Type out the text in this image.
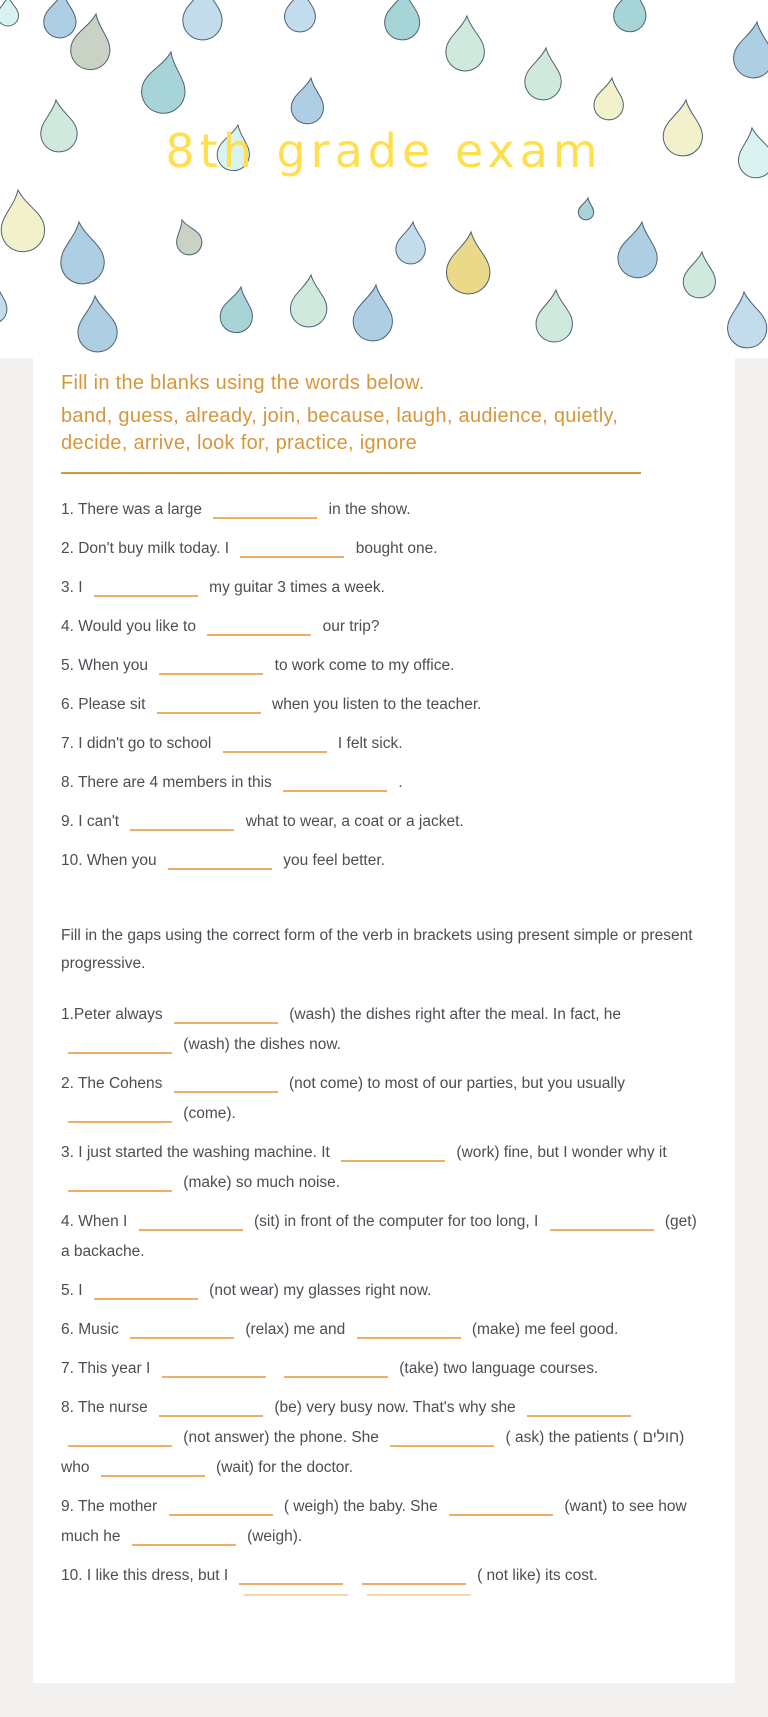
8th grade exam
Fill in the blanks using the words below.
band, guess, already, join, because, laugh, audience, quietly, decide, arrive, look for, practice, ignore

1. There was a large	in the show.

2. Don't buy milk today. I	bought one.

3. I	my guitar 3 times a week.

4. Would you like to	our trip?

5. When you	to work come to my office.

6. Please sit	when you listen to the teacher.

7. I didn't go to school	I felt sick.

8. There are 4 members in this	.

9. I can't	what to wear, a coat or a jacket.

10. When you	you feel better.

Fill in the gaps using the correct form of the verb in brackets using present simple or present progressive.

1.Peter always	(wash) the dishes right after the meal. In fact, he  (wash) the dishes now.

2. The Cohens	(not come) to most of our parties, but you usually  (come).

3. I just started the washing machine. It	(work) fine, but I wonder why it  (make) so much noise.

4. When I	(sit) in front of the computer for too long, I	(get) a backache.

5. I	(not wear) my glasses right now.

6. Music	(relax) me and	(make) me feel good.

7. This year I	(take) two language courses.

8. The nurse	(be) very busy now. That's why she   (not answer) the phone. She	( ask) the patients ( חולים) who	(wait) for the doctor.

9. The mother	( weigh) the baby. She	(want) to see how much he	(weigh).

10. I like this dress, but I	( not like) its cost.
